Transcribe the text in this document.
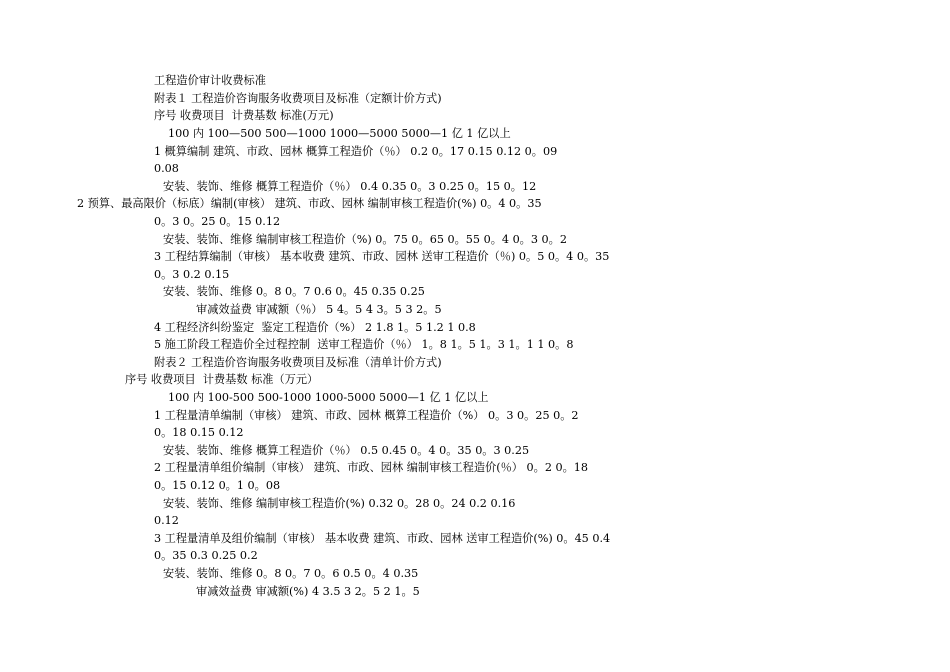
工程造价审计收费标准
附表１ 工程造价咨询服务收费项目及标准（定额计价方式)
序号 收费项目  计费基数 标准(万元)
100 内 100—500 500—1000 1000—5000 5000—1 亿 1 亿以上
1 概算编制 建筑、市政、园林 概算工程造价（％） 0.2 0。17 0.15 0.12 0。09
0.08
安装、装饰、维修 概算工程造价（％） 0.4 0.35 0。3 0.25 0。15 0。12
2 预算、最高限价（标底）编制(审核） 建筑、市政、园林 编制审核工程造价(%) 0。4 0。35
0。3 0。25 0。15 0.12
安装、装饰、维修 编制审核工程造价（%) 0。75 0。65 0。55 0。4 0。3 0。2
3 工程结算编制（审核） 基本收费 建筑、市政、园林 送审工程造价（％) 0。5 0。4 0。35
0。3 0.2 0.15
安装、装饰、维修 0。8 0。7 0.6 0。45 0.35 0.25
审减效益费 审减额（％） 5 4。5 4 3。5 3 2。5
4 工程经济纠纷鉴定  鉴定工程造价（%） 2 1.8 1。5 1.2 1 0.8
5 施工阶段工程造价全过程控制  送审工程造价（％） 1。8 1。5 1。3 1。1 1 0。8
附表２ 工程造价咨询服务收费项目及标准（清单计价方式)
序号 收费项目  计费基数 标准（万元）
100 内 100-500 500-1000 1000-5000 5000—1 亿 1 亿以上
1 工程量清单编制（审核） 建筑、市政、园林 概算工程造价（%） 0。3 0。25 0。2
0。18 0.15 0.12
安装、装饰、维修 概算工程造价（％） 0.5 0.45 0。4 0。35 0。3 0.25
2 工程量清单组价编制（审核） 建筑、市政、园林 编制审核工程造价(％） 0。2 0。18
0。15 0.12 0。1 0。08
安装、装饰、维修 编制审核工程造价(%) 0.32 0。28 0。24 0.2 0.16
0.12
3 工程量清单及组价编制（审核） 基本收费 建筑、市政、园林 送审工程造价(%) 0。45 0.4
0。35 0.3 0.25 0.2
安装、装饰、维修 0。8 0。7 0。6 0.5 0。4 0.35
审减效益费 审减额(%) 4 3.5 3 2。5 2 1。5
